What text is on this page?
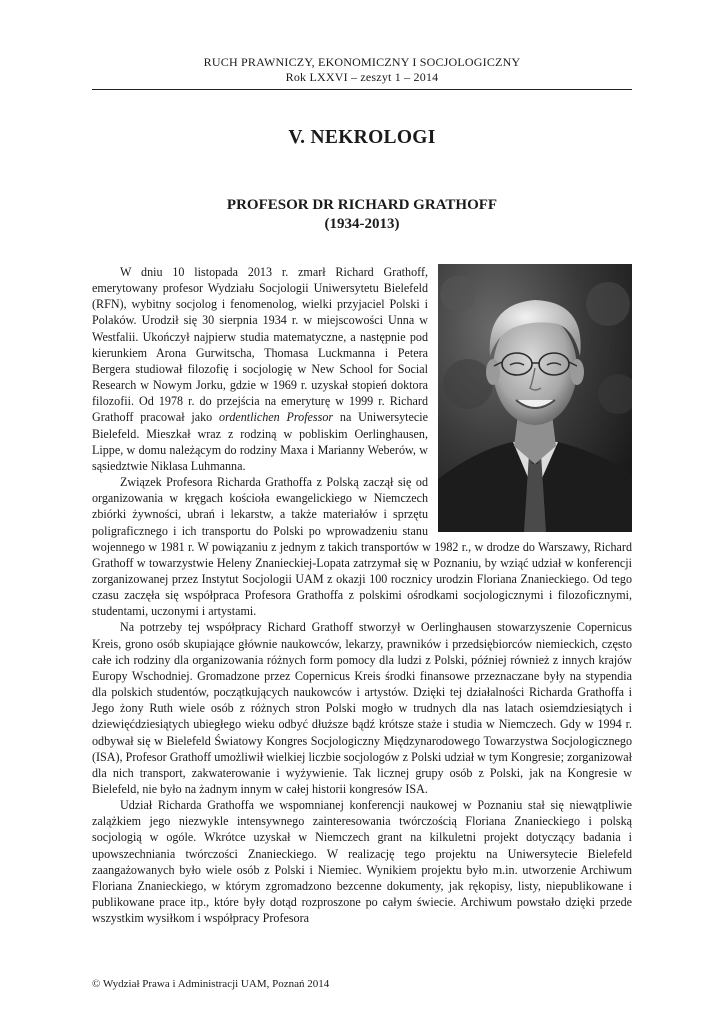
RUCH PRAWNICZY, EKONOMICZNY I SOCJOLOGICZNY
Rok LXXVI – zeszyt 1 – 2014
V. NEKROLOGI
PROFESOR DR RICHARD GRATHOFF
(1934-2013)

W dniu 10 listopada 2013 r. zmarł Richard Grathoff, emerytowany profesor Wydziału Socjologii Uniwersytetu Bielefeld (RFN), wybitny socjolog i fenomenolog, wielki przyjaciel Polski i Polaków. Urodził się 30 sierpnia 1934 r. w miejscowości Unna w Westfalii. Ukończył najpierw studia matematyczne, a następnie pod kierunkiem Arona Gurwitscha, Thomasa Luckmanna i Petera Bergera studiował filozofię i socjologię w New School for Social Research w Nowym Jorku, gdzie w 1969 r. uzyskał stopień doktora filozofii. Od 1978 r. do przejścia na emeryturę w 1999 r. Richard Grathoff pracował jako ordentlichen Professor na Uniwersytecie Bielefeld. Mieszkał wraz z rodziną w pobliskim Oerlinghausen, Lippe, w domu należącym do rodziny Maxa i Marianny Weberów, w sąsiedztwie Niklasa Luhmanna.

Związek Profesora Richarda Grathoffa z Polską zaczął się od organizowania w kręgach kościoła ewangelickiego w Niemczech zbiórki żywności, ubrań i lekarstw, a także materiałów i sprzętu poligraficznego i ich transportu do Polski po wprowadzeniu stanu wojennego w 1981 r. W powiązaniu z jednym z takich transportów w 1982 r., w drodze do Warszawy, Richard Grathoff w towarzystwie Heleny Znanieckiej-Lopata zatrzymał się w Poznaniu, by wziąć udział w konferencji zorganizowanej przez Instytut Socjologii UAM z okazji 100 rocznicy urodzin Floriana Znanieckiego. Od tego czasu zaczęła się współpraca Profesora Grathoffa z polskimi ośrodkami socjologicznymi i filozoficznymi, studentami, uczonymi i artystami.

Na potrzeby tej współpracy Richard Grathoff stworzył w Oerlinghausen stowarzyszenie Copernicus Kreis, grono osób skupiające głównie naukowców, lekarzy, prawników i przedsiębiorców niemieckich, często całe ich rodziny dla organizowania różnych form pomocy dla ludzi z Polski, później również z innych krajów Europy Wschodniej. Gromadzone przez Copernicus Kreis środki finansowe przeznaczane były na stypendia dla polskich studentów, początkujących naukowców i artystów. Dzięki tej działalności Richarda Grathoffa i Jego żony Ruth wiele osób z różnych stron Polski mogło w trudnych dla nas latach osiemdziesiątych i dziewięćdziesiątych ubiegłego wieku odbyć dłuższe bądź krótsze staże i studia w Niemczech. Gdy w 1994 r. odbywał się w Bielefeld Światowy Kongres Socjologiczny Międzynarodowego Towarzystwa Socjologicznego (ISA), Profesor Grathoff umożliwił wielkiej liczbie socjologów z Polski udział w tym Kongresie; zorganizował dla nich transport, zakwaterowanie i wyżywienie. Tak licznej grupy osób z Polski, jak na Kongresie w Bielefeld, nie było na żadnym innym w całej historii kongresów ISA.

Udział Richarda Grathoffa we wspomnianej konferencji naukowej w Poznaniu stał się niewątpliwie zalążkiem jego niezwykle intensywnego zainteresowania twórczością Floriana Znanieckiego i polską socjologią w ogóle. Wkrótce uzyskał w Niemczech grant na kilkuletni projekt dotyczący badania i upowszechniania twórczości Znanieckiego. W realizację tego projektu na Uniwersytecie Bielefeld zaangażowanych było wiele osób z Polski i Niemiec. Wynikiem projektu było m.in. utworzenie Archiwum Floriana Znanieckiego, w którym zgromadzono bezcenne dokumenty, jak rękopisy, listy, niepublikowane i publikowane prace itp., które były dotąd rozproszone po całym świecie. Archiwum powstało dzięki przede wszystkim wysiłkom i współpracy Profesora

© Wydział Prawa i Administracji UAM, Poznań 2014
